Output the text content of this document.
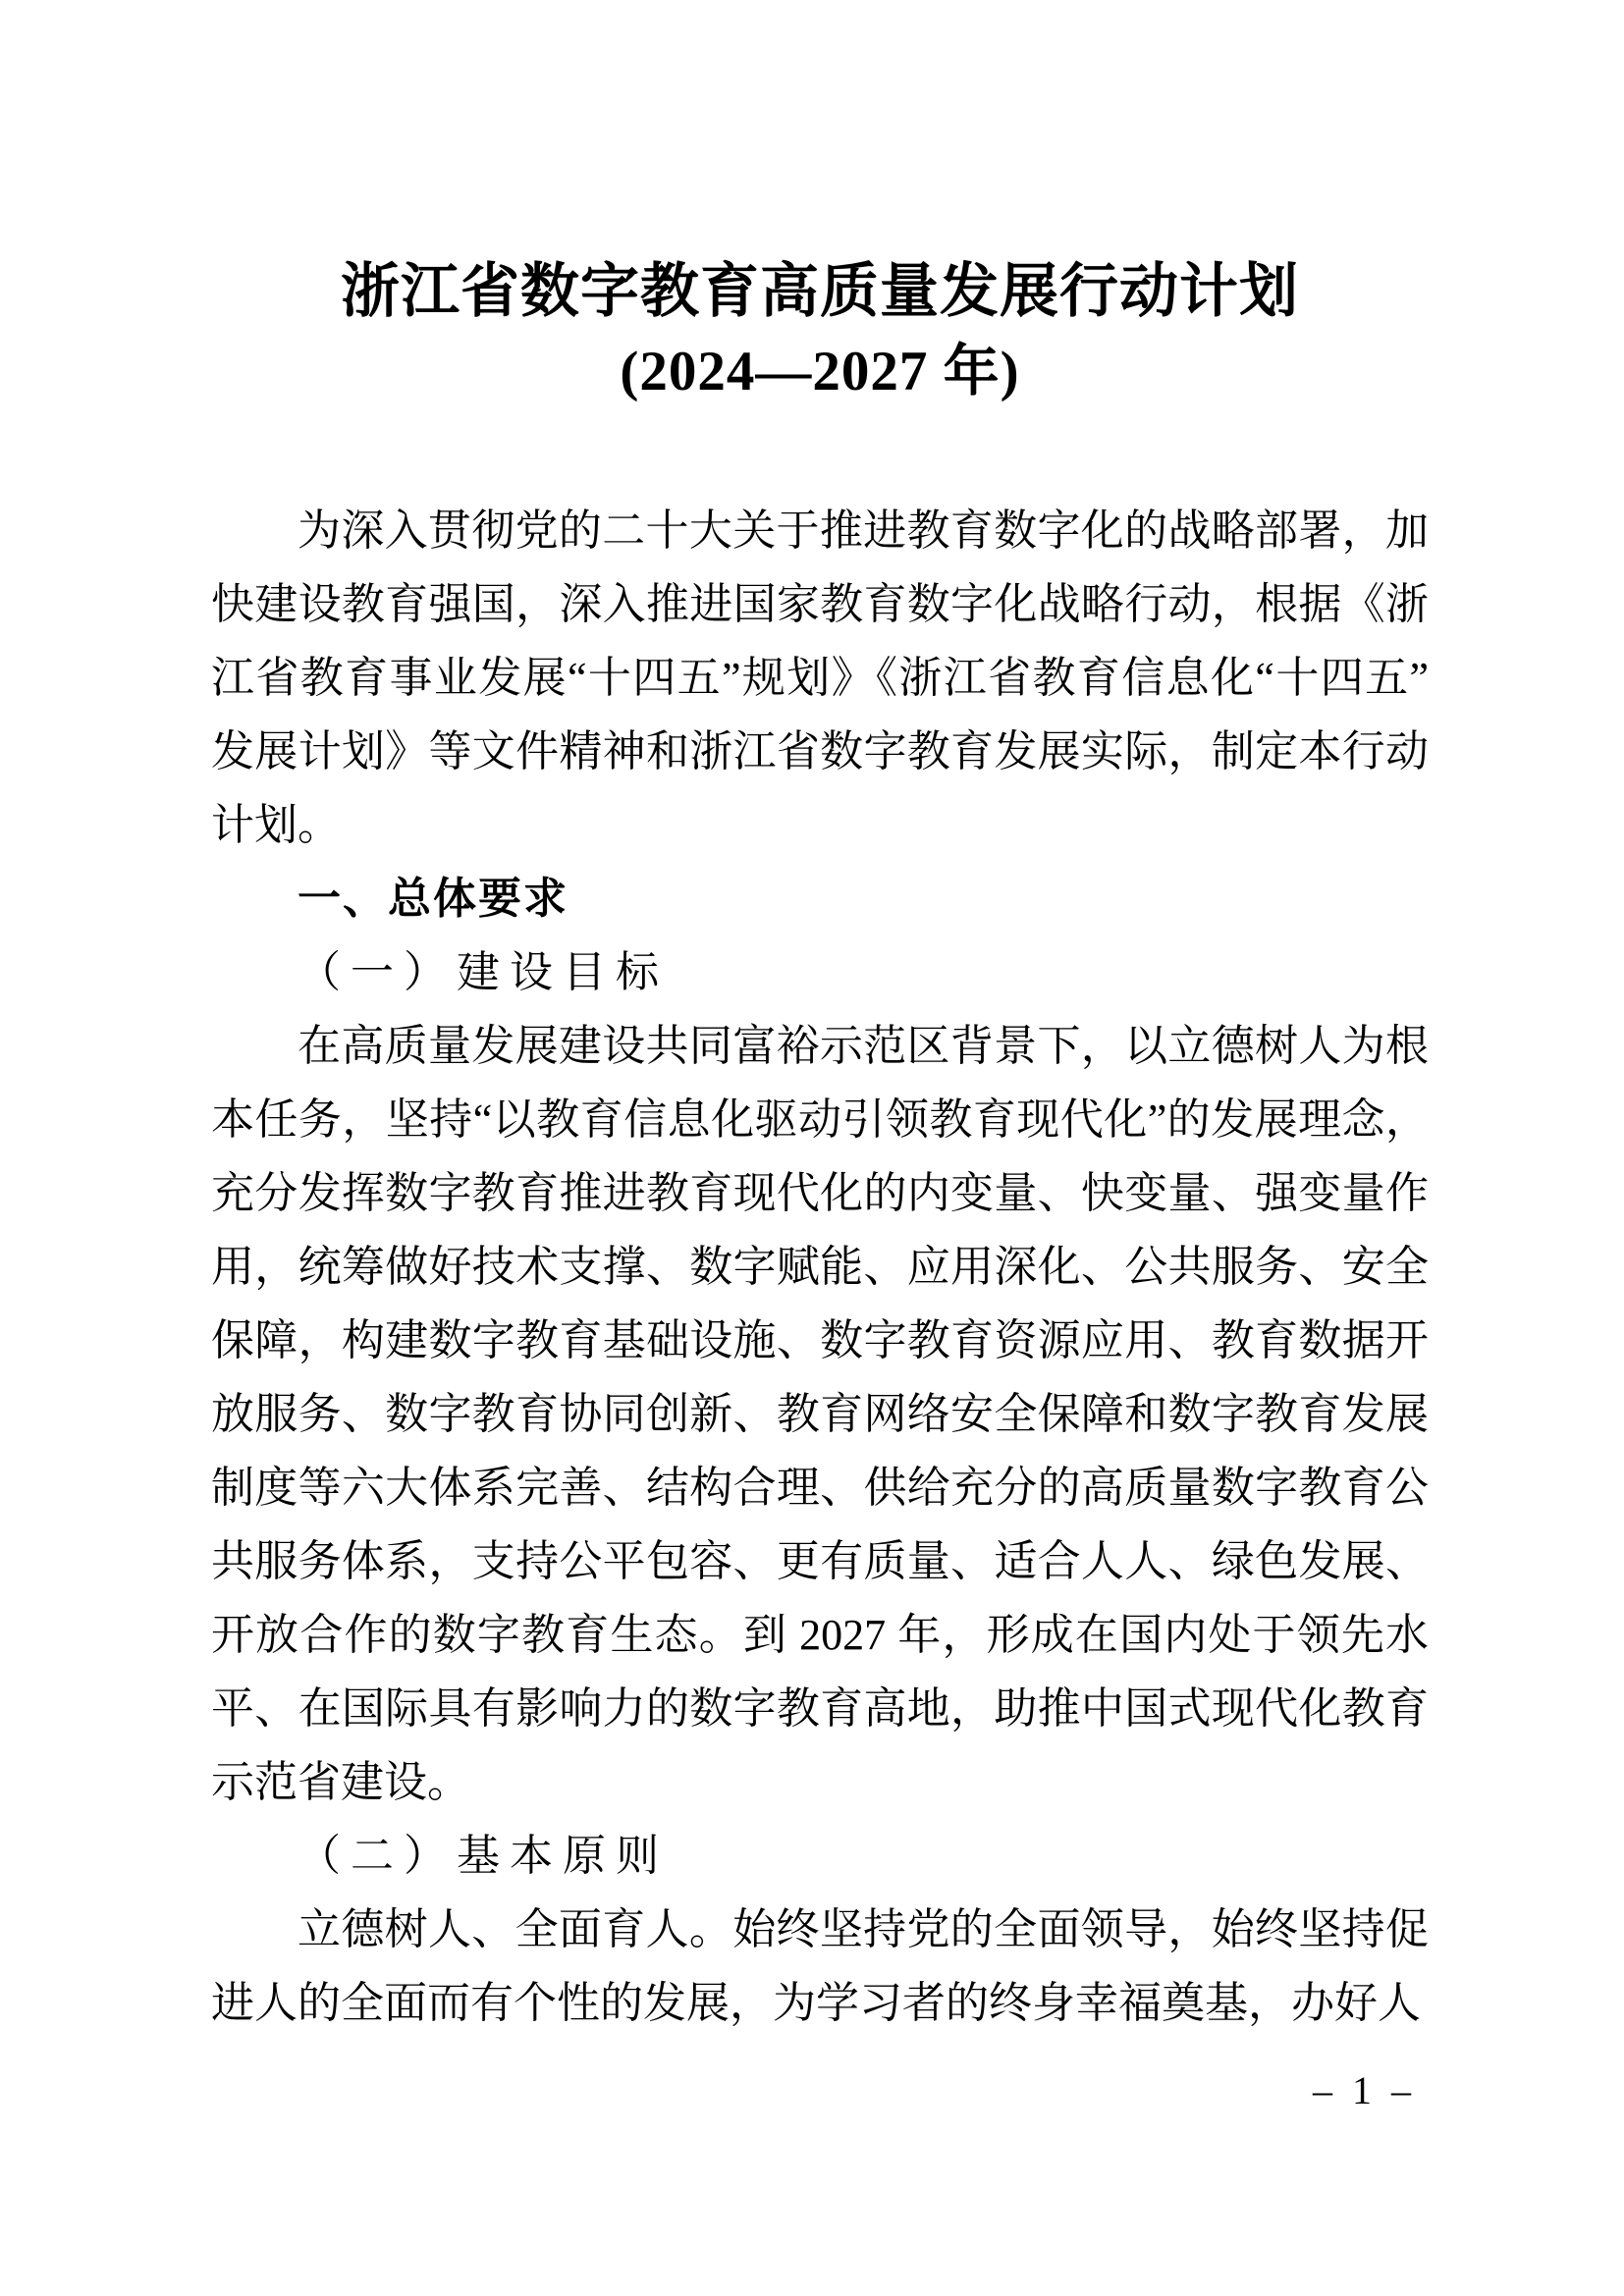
浙江省数字教育高质量发展行动计划
(2024—2027 年)

为深入贯彻党的二十大关于推进教育数字化的战略部署，加快建设教育强国，深入推进国家教育数字化战略行动，根据《浙江省教育事业发展“十四五”规划》《浙江省教育信息化“十四五”发展计划》等文件精神和浙江省数字教育发展实际，制定本行动计划。

一、总体要求
（一）建设目标

在高质量发展建设共同富裕示范区背景下，以立德树人为根本任务，坚持“以教育信息化驱动引领教育现代化”的发展理念，充分发挥数字教育推进教育现代化的内变量、快变量、强变量作用，统筹做好技术支撑、数字赋能、应用深化、公共服务、安全保障，构建数字教育基础设施、数字教育资源应用、教育数据开放服务、数字教育协同创新、教育网络安全保障和数字教育发展制度等六大体系完善、结构合理、供给充分的高质量数字教育公共服务体系，支持公平包容、更有质量、适合人人、绿色发展、开放合作的数字教育生态。到 2027 年，形成在国内处于领先水平、在国际具有影响力的数字教育高地，助推中国式现代化教育示范省建设。

（二）基本原则

立德树人、全面育人。始终坚持党的全面领导，始终坚持促进人的全面而有个性的发展，为学习者的终身幸福奠基，办好人

– 1 –
